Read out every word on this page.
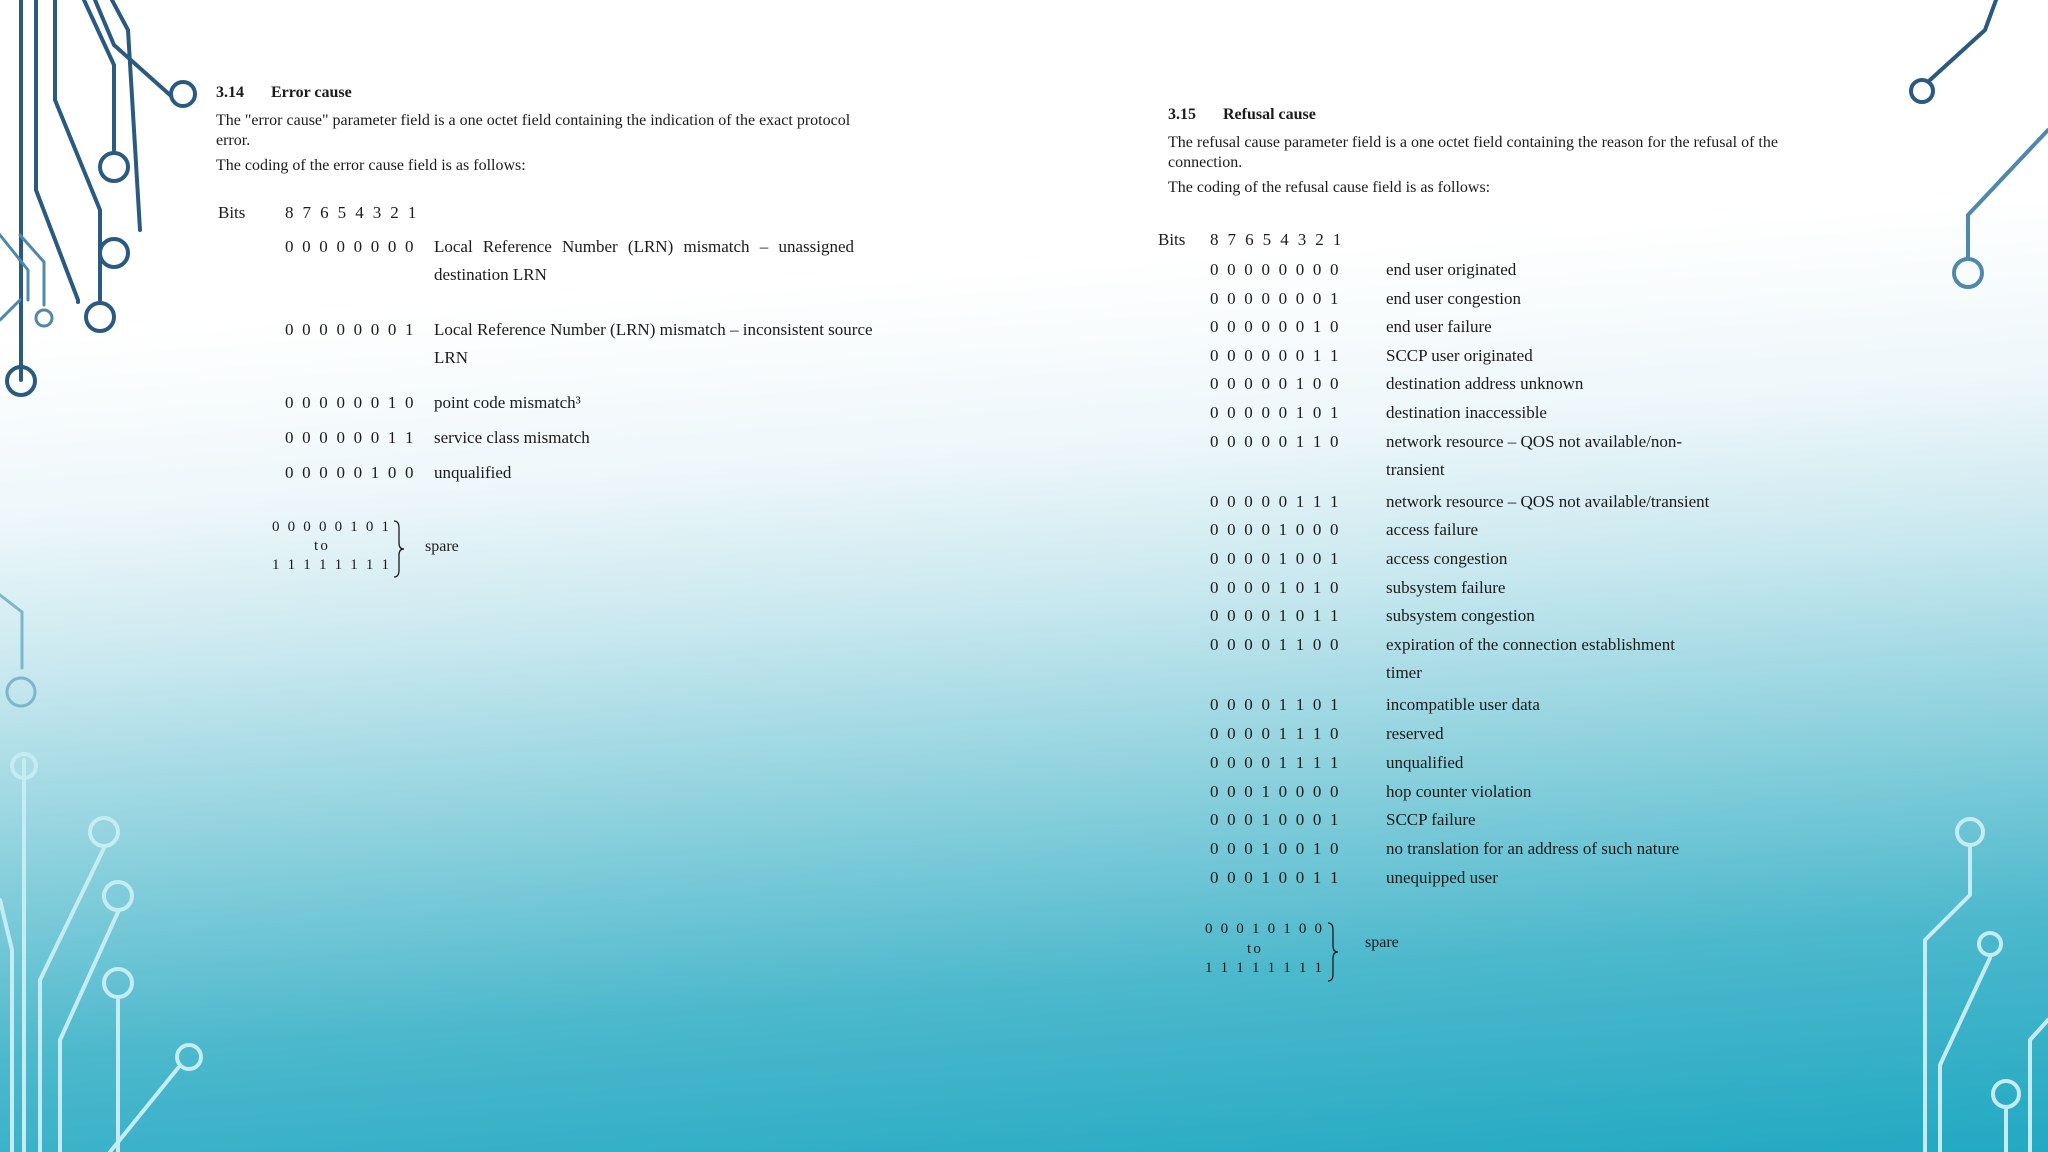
3.14 Error cause
The "error cause" parameter field is a one octet field containing the indication of the exact protocol error.
The coding of the error cause field is as follows:
Bits 8 7 6 5 4 3 2 1
0 0 0 0 0 0 0 0 Local Reference Number (LRN) mismatch – unassigned destination LRN
0 0 0 0 0 0 0 1 Local Reference Number (LRN) mismatch – inconsistent source LRN
0 0 0 0 0 0 1 0 point code mismatch³
0 0 0 0 0 0 1 1 service class mismatch
0 0 0 0 0 1 0 0 unqualified
0 0 0 0 0 1 0 1
to
1 1 1 1 1 1 1 1
spare
3.15 Refusal cause
The refusal cause parameter field is a one octet field containing the reason for the refusal of the connection.
The coding of the refusal cause field is as follows:
Bits 8 7 6 5 4 3 2 1
0 0 0 0 0 0 0 0	end user originated
0 0 0 0 0 0 0 1	end user congestion
0 0 0 0 0 0 1 0	end user failure
0 0 0 0 0 0 1 1	SCCP user originated
0 0 0 0 0 1 0 0	destination address unknown
0 0 0 0 0 1 0 1	destination inaccessible
0 0 0 0 0 1 1 0	network resource – QOS not available/non-transient
0 0 0 0 0 1 1 1	network resource – QOS not available/transient
0 0 0 0 1 0 0 0	access failure
0 0 0 0 1 0 0 1	access congestion
0 0 0 0 1 0 1 0	subsystem failure
0 0 0 0 1 0 1 1	subsystem congestion
0 0 0 0 1 1 0 0	expiration of the connection establishment timer
0 0 0 0 1 1 0 1	incompatible user data
0 0 0 0 1 1 1 0	reserved
0 0 0 0 1 1 1 1	unqualified
0 0 0 1 0 0 0 0	hop counter violation
0 0 0 1 0 0 0 1	SCCP failure
0 0 0 1 0 0 1 0	no translation for an address of such nature
0 0 0 1 0 0 1 1	unequipped user
0 0 0 1 0 1 0 0
to
1 1 1 1 1 1 1 1
spare
